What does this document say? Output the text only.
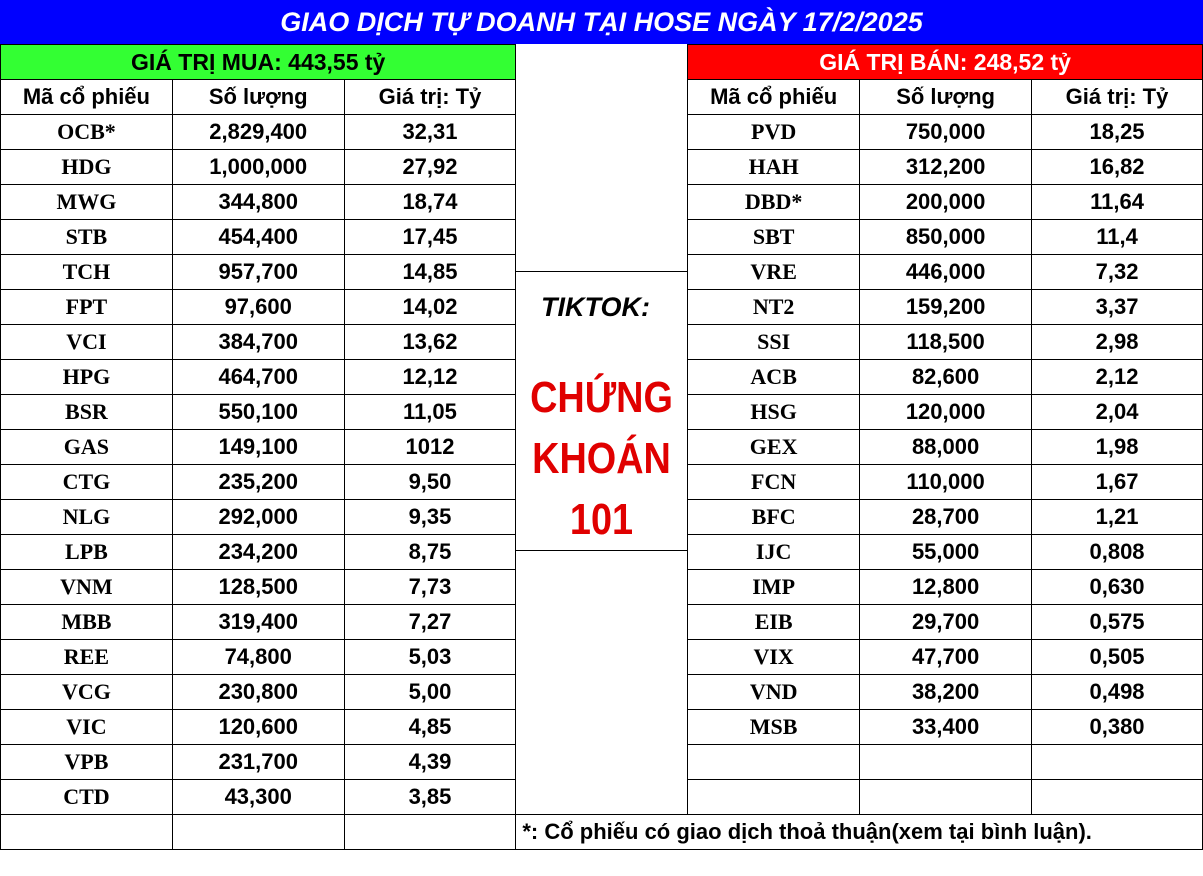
GIAO DỊCH TỰ DOANH TẠI HOSE NGÀY 17/2/2025
GIÁ TRỊ MUA: 443,55 tỷ				GIÁ TRỊ BÁN: 248,52 tỷ		
Mã cổ phiếu	Số lượng	Giá trị: Tỷ		Mã cổ phiếu	Số lượng	Giá trị: Tỷ
OCB*	2,829,400	32,31		PVD	750,000	18,25
HDG	1,000,000	27,92		HAH	312,200	16,82
MWG	344,800	18,74		DBD*	200,000	11,64
STB	454,400	17,45		SBT	850,000	11,4
TCH	957,700	14,85		VRE	446,000	7,32
FPT	97,600	14,02		NT2	159,200	3,37
VCI	384,700	13,62		SSI	118,500	2,98
HPG	464,700	12,12		ACB	82,600	2,12
BSR	550,100	11,05		HSG	120,000	2,04
GAS	149,100	1012		GEX	88,000	1,98
CTG	235,200	9,50		FCN	110,000	1,67
NLG	292,000	9,35		BFC	28,700	1,21
LPB	234,200	8,75		IJC	55,000	0,808
VNM	128,500	7,73		IMP	12,800	0,630
MBB	319,400	7,27		EIB	29,700	0,575
REE	74,800	5,03		VIX	47,700	0,505
VCG	230,800	5,00		VND	38,200	0,498
VIC	120,600	4,85		MSB	33,400	0,380
VPB	231,700	4,39				
CTD	43,300	3,85				
			*: Cổ phiếu có giao dịch thoả thuận(xem tại bình luận).			
TIKTOK:
CHỨNG
KHOÁN
101
